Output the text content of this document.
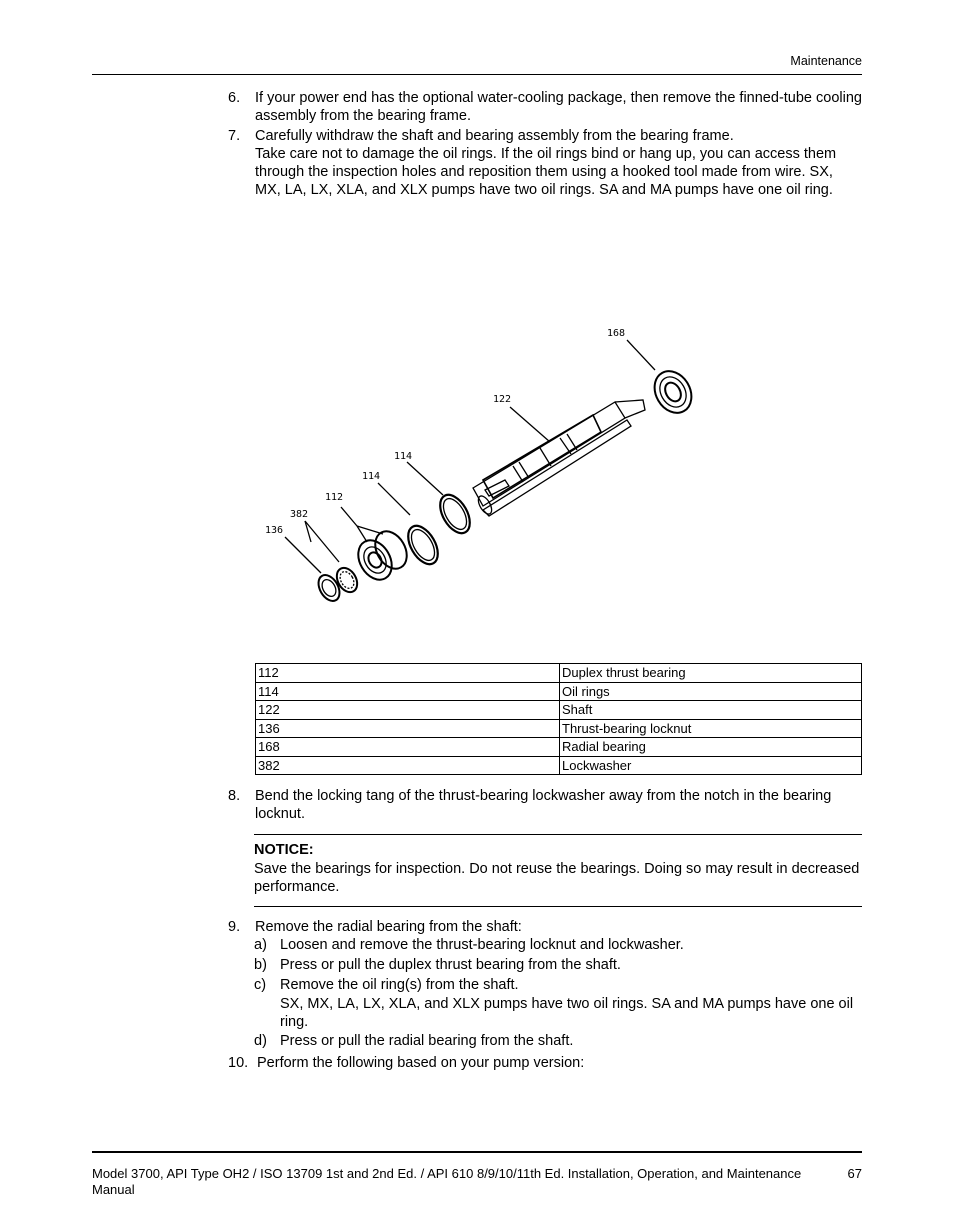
Maintenance
6. If your power end has the optional water-cooling package, then remove the finned-tube cooling assembly from the bearing frame.
7. Carefully withdraw the shaft and bearing assembly from the bearing frame.
Take care not to damage the oil rings. If the oil rings bind or hang up, you can access them through the inspection holes and reposition them using a hooked tool made from wire. SX, MX, LA, LX, XLA, and XLX pumps have two oil rings. SA and MA pumps have one oil ring.
168
122
114
114
112
382
136
112	Duplex thrust bearing
114	Oil rings
122	Shaft
136	Thrust-bearing locknut
168	Radial bearing
382	Lockwasher
8. Bend the locking tang of the thrust-bearing lockwasher away from the notch in the bearing locknut.
NOTICE:
Save the bearings for inspection. Do not reuse the bearings. Doing so may result in decreased performance.
9. Remove the radial bearing from the shaft:
a) Loosen and remove the thrust-bearing locknut and lockwasher.
b) Press or pull the duplex thrust bearing from the shaft.
c) Remove the oil ring(s) from the shaft.
SX, MX, LA, LX, XLA, and XLX pumps have two oil rings. SA and MA pumps have one oil ring.
d) Press or pull the radial bearing from the shaft.
10. Perform the following based on your pump version:
Model 3700, API Type OH2 / ISO 13709 1st and 2nd Ed. / API 610 8/9/10/11th Ed. Installation, Operation, and Maintenance Manual
67
